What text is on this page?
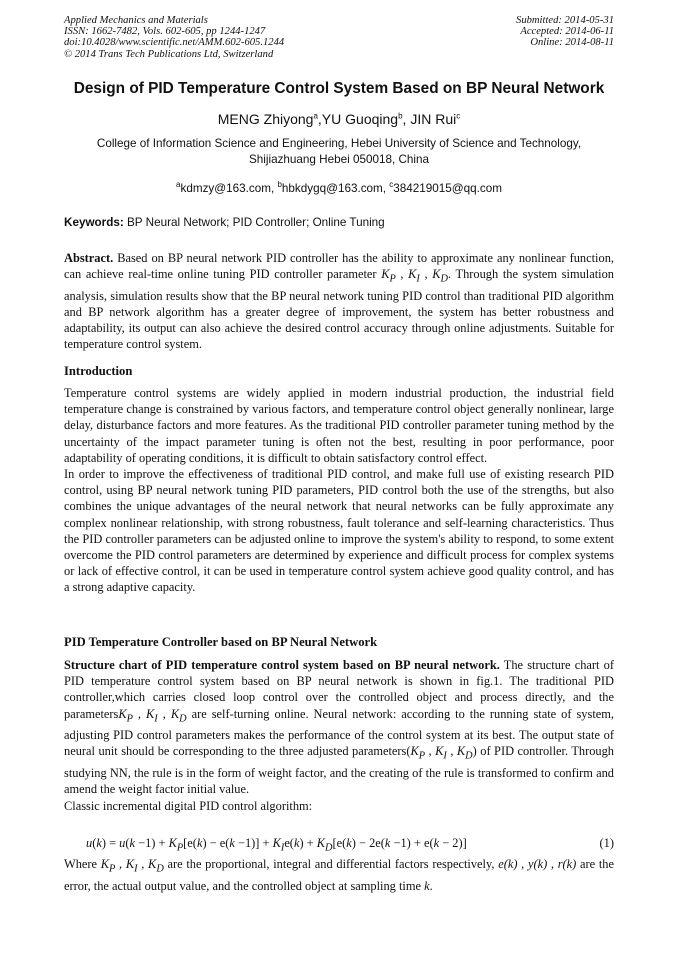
Applied Mechanics and Materials
ISSN: 1662-7482, Vols. 602-605, pp 1244-1247
doi:10.4028/www.scientific.net/AMM.602-605.1244
© 2014 Trans Tech Publications Ltd, Switzerland
Submitted: 2014-05-31
Accepted: 2014-06-11
Online: 2014-08-11
Design of PID Temperature Control System Based on BP Neural Network
MENG Zhiyong$^a$,YU Guoqing$^b$, JIN Rui$^c$
College of Information Science and Engineering, Hebei University of Science and Technology,
Shijiazhuang Hebei 050018, China
$^a$kdmzy@163.com, $^b$hbkdygq@163.com, $^c$384219015@qq.com
Keywords: BP Neural Network; PID Controller; Online Tuning

Abstract. Based on BP neural network PID controller has the ability to approximate any nonlinear function, can achieve real-time online tuning PID controller parameter $K_P$ , $K_I$ , $K_D$. Through the system simulation analysis, simulation results show that the BP neural network tuning PID control than traditional PID algorithm and BP network algorithm has a greater degree of improvement, the system has better robustness and adaptability, its output can also achieve the desired control accuracy through online adjustments. Suitable for temperature control system.

Introduction

Temperature control systems are widely applied in modern industrial production, the industrial field temperature change is constrained by various factors, and temperature control object generally nonlinear, large delay, disturbance factors and more features. As the traditional PID controller parameter tuning method by the uncertainty of the impact parameter tuning is often not the best, resulting in poor performance, poor adaptability of operating conditions, it is difficult to obtain satisfactory control effect.

In order to improve the effectiveness of traditional PID control, and make full use of existing research PID control, using BP neural network tuning PID parameters, PID control both the use of the strengths, but also combines the unique advantages of the neural network that neural networks can be fully approximate any complex nonlinear relationship, with strong robustness, fault tolerance and self-learning characteristics. Thus the PID controller parameters can be adjusted online to improve the system's ability to respond, to some extent overcome the PID control parameters are determined by experience and difficult process for complex systems or lack of effective control, it can be used in temperature control system achieve good quality control, and has a strong adaptive capacity.

PID Temperature Controller based on BP Neural Network

Structure chart of PID temperature control system based on BP neural network. The structure chart of PID temperature control system based on BP neural network is shown in fig.1. The traditional PID controller,which carries closed loop control over the controlled object and process directly, and the parametersK$_P$ , $K_I$ , $K_D$ are self-turning online. Neural network: according to the running state of system, adjusting PID control parameters makes the performance of the control system at its best. The output state of neural unit should be corresponding to the three adjusted $parameters(K_P$ , $K_I$ , $K_D$) of PID controller. Through studying NN, the rule is in the form of weight factor, and the creating of the rule is transformed to confirm and amend the weight factor initial value.

Classic incremental digital PID control algorithm:

$u(k) = u(k -1) + K_P[e(k) - e(k -1)] + K_Ie(k) + K_D[e(k) - 2e(k -1) + e(k - 2)]$	(1)

Where $K_P$ , $K_I$ , $K_D$ are the proportional, integral and differential factors respectively, e(k) , y(k) , r(k) are the error, the actual output value, and the controlled object at sampling time k.
